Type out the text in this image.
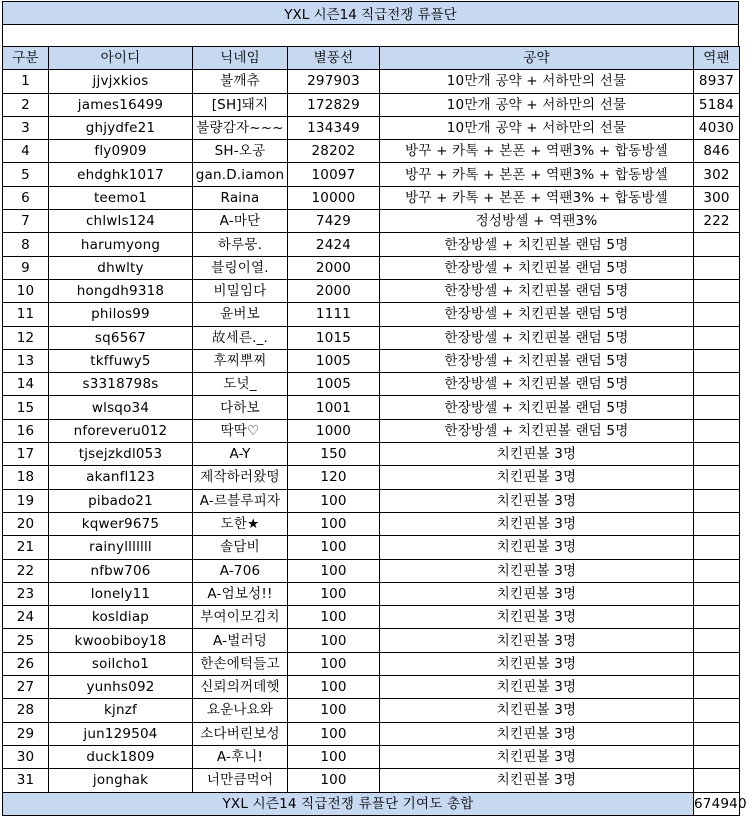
YXL 시즌14 직급전쟁 류플단
구분	아이디	닉네임	별풍선	공약	역팬
1	jjvjxkios	불깨츄	297903	10만개 공약 + 서하만의 선물	8937
2	james16499	[SH]돼지	172829	10만개 공약 + 서하만의 선물	5184
3	ghjydfe21	불량감자~~~	134349	10만개 공약 + 서하만의 선물	4030
4	fly0909	SH-오공	28202	방꾸 + 카톡 + 본폰 + 역팬3% + 합동방셀	846
5	ehdghk1017	gan.D.iamon	10097	방꾸 + 카톡 + 본폰 + 역팬3% + 합동방셀	302
6	teemo1	Raina	10000	방꾸 + 카톡 + 본폰 + 역팬3% + 합동방셀	300
7	chlwls124	A-마단	7429	정성방셀 + 역팬3%	222
8	harumyong	하루뭉.	2424	한장방셀 + 치킨핀볼 랜덤 5명	
9	dhwlty	블링이열.	2000	한장방셀 + 치킨핀볼 랜덤 5명	
10	hongdh9318	비밀임다	2000	한장방셀 + 치킨핀볼 랜덤 5명	
11	philos99	윤버보	1111	한장방셀 + 치킨핀볼 랜덤 5명	
12	sq6567	故세른._.	1015	한장방셀 + 치킨핀볼 랜덤 5명	
13	tkffuwy5	후찌뿌찌	1005	한장방셀 + 치킨핀볼 랜덤 5명	
14	s3318798s	도넛_	1005	한장방셀 + 치킨핀볼 랜덤 5명	
15	wlsqo34	다하보	1001	한장방셀 + 치킨핀볼 랜덤 5명	
16	nforeveru012	딱딱♡	1000	한장방셀 + 치킨핀볼 랜덤 5명	
17	tjsejzkdl053	A-Y	150	치킨핀볼 3명	
18	akanfl123	제작하러왔떵	120	치킨핀볼 3명	
19	pibado21	A-르블루피자	100	치킨핀볼 3명	
20	kqwer9675	도한★	100	치킨핀볼 3명	
21	rainylllllll	솔담비	100	치킨핀볼 3명	
22	nfbw706	A-706	100	치킨핀볼 3명	
23	lonely11	A-엄보성!!	100	치킨핀볼 3명	
24	kosldiap	부여이모김치	100	치킨핀볼 3명	
25	kwoobiboy18	A-벌러덩	100	치킨핀볼 3명	
26	soilcho1	한손에턱들고	100	치킨핀볼 3명	
27	yunhs092	신뢰의꺼데헷	100	치킨핀볼 3명	
28	kjnzf	요운나요와	100	치킨핀볼 3명	
29	jun129504	소다버린보성	100	치킨핀볼 3명	
30	duck1809	A-후니!	100	치킨핀볼 3명	
31	jonghak	너만큼먹어	100	치킨핀볼 3명	
YXL 시즌14 직급전쟁 류플단 기여도 총합					674940
